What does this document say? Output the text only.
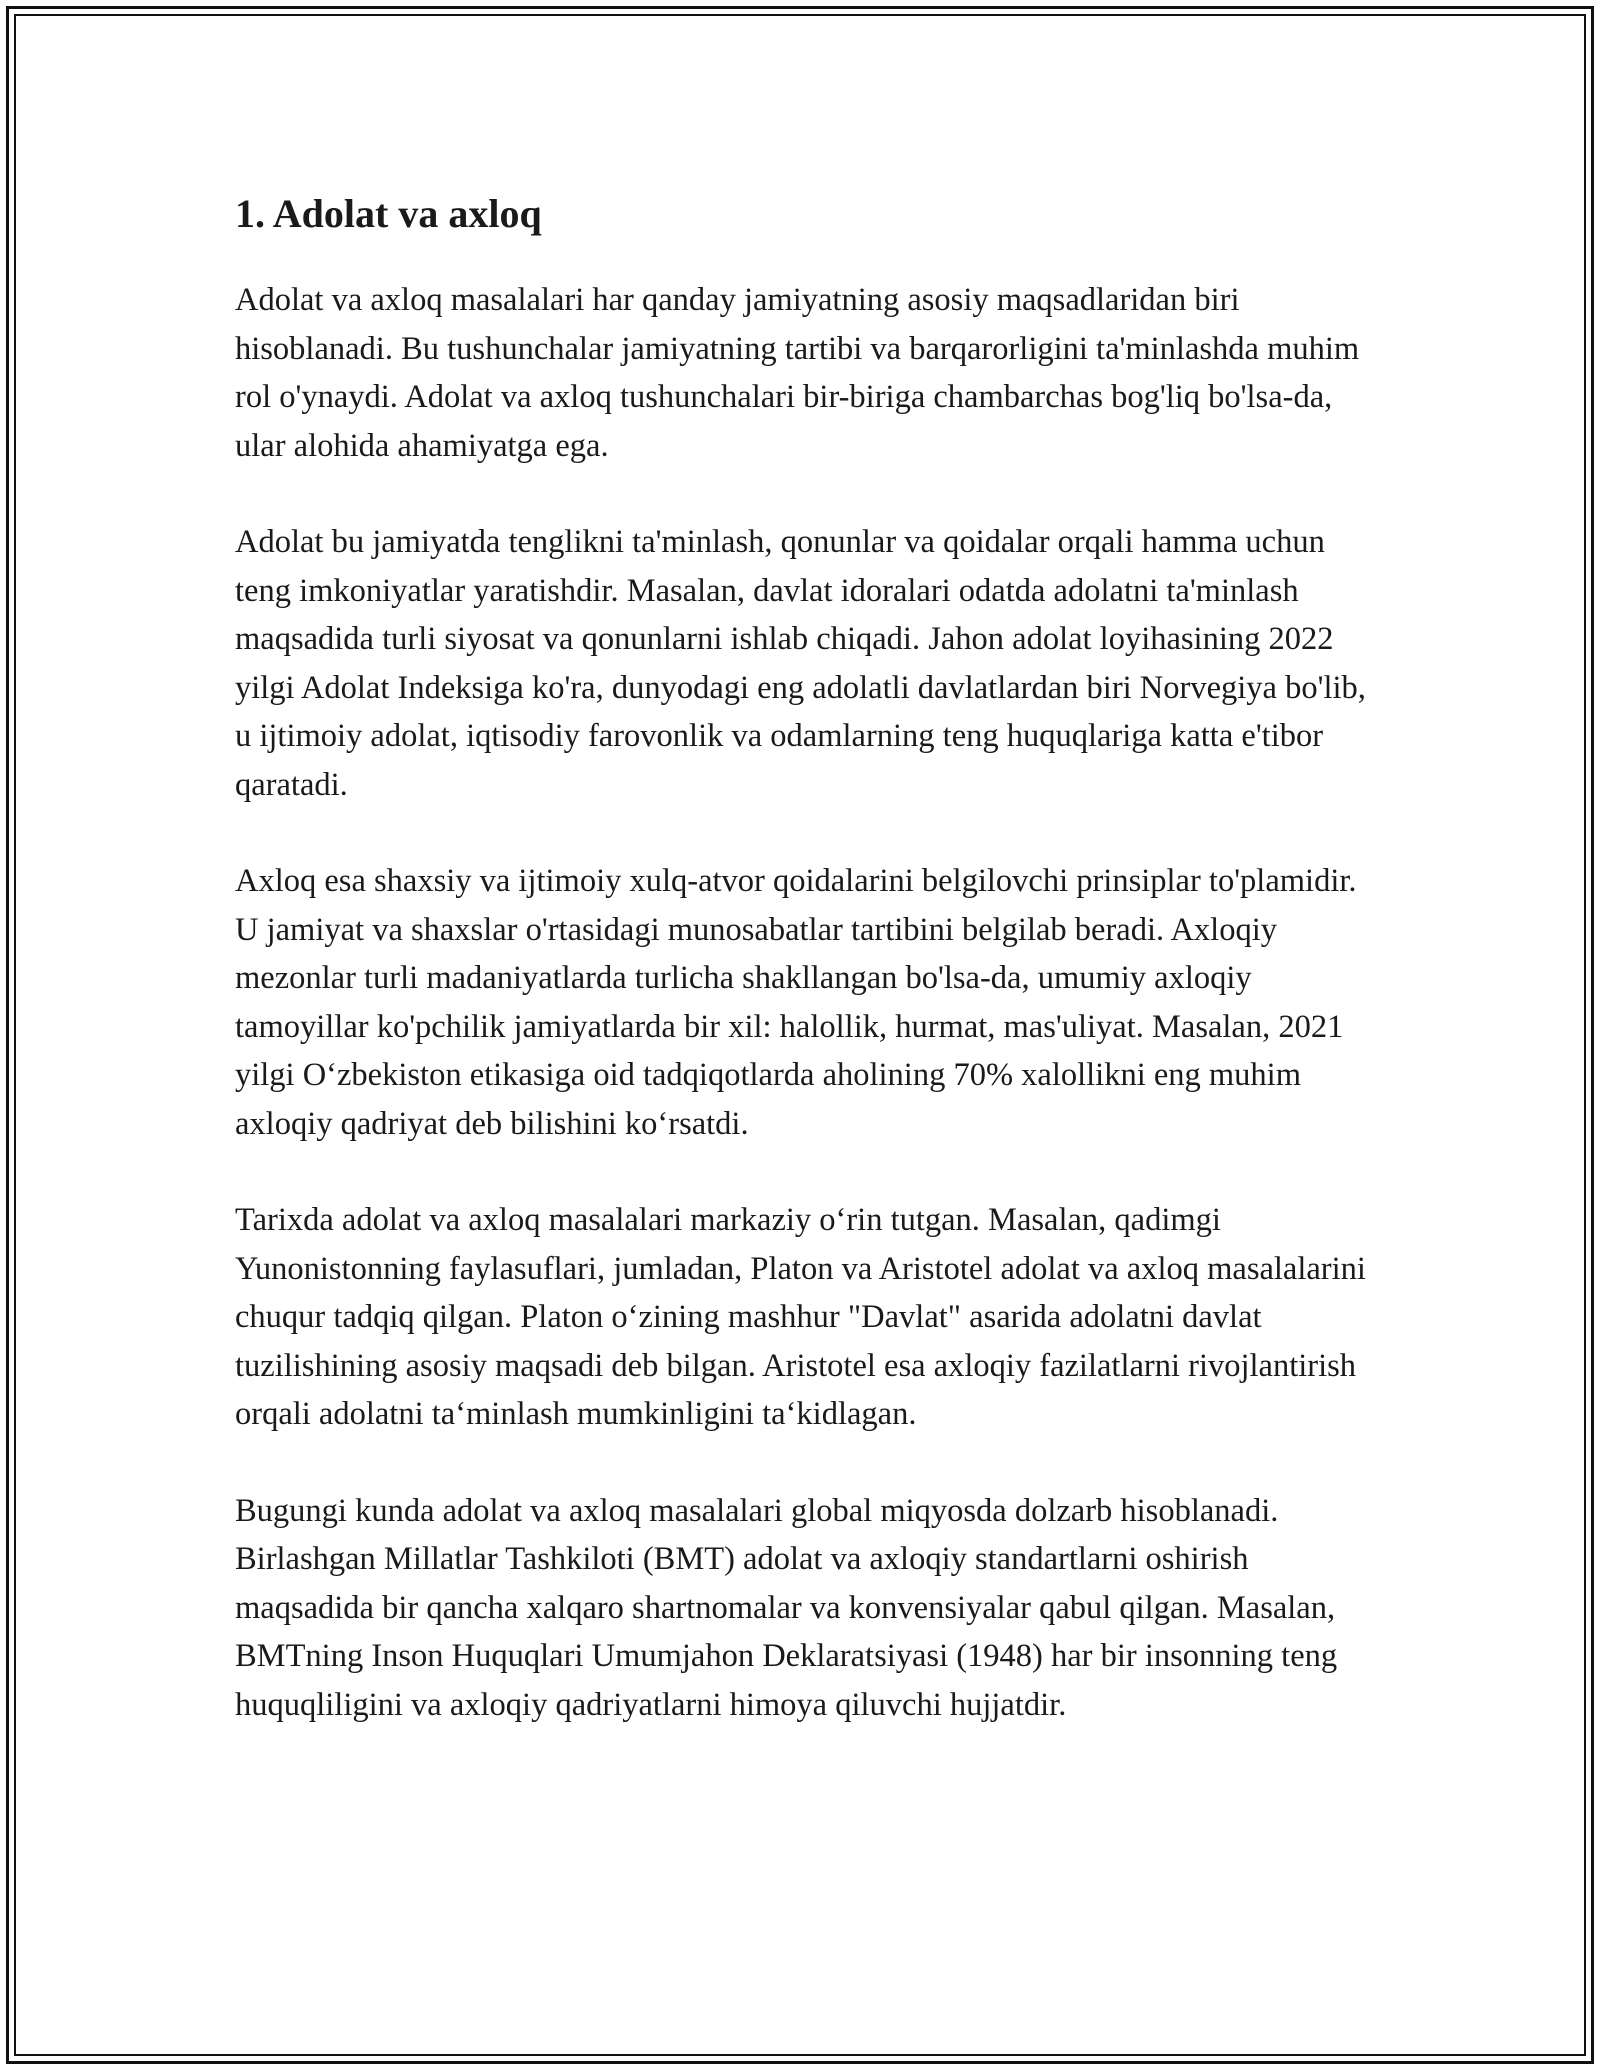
1. Adolat va axloq

Adolat va axloq masalalari har qanday jamiyatning asosiy maqsadlaridan biri hisoblanadi. Bu tushunchalar jamiyatning tartibi va barqarorligini ta'minlashda muhim rol o'ynaydi. Adolat va axloq tushunchalari bir-biriga chambarchas bog'liq bo'lsa-da, ular alohida ahamiyatga ega.

Adolat bu jamiyatda tenglikni ta'minlash, qonunlar va qoidalar orqali hamma uchun teng imkoniyatlar yaratishdir. Masalan, davlat idoralari odatda adolatni ta'minlash maqsadida turli siyosat va qonunlarni ishlab chiqadi. Jahon adolat loyihasining 2022 yilgi Adolat Indeksiga ko'ra, dunyodagi eng adolatli davlatlardan biri Norvegiya bo'lib, u ijtimoiy adolat, iqtisodiy farovonlik va odamlarning teng huquqlariga katta e'tibor qaratadi.

Axloq esa shaxsiy va ijtimoiy xulq-atvor qoidalarini belgilovchi prinsiplar to'plamidir. U jamiyat va shaxslar o'rtasidagi munosabatlar tartibini belgilab beradi. Axloqiy mezonlar turli madaniyatlarda turlicha shakllangan bo'lsa-da, umumiy axloqiy tamoyillar ko'pchilik jamiyatlarda bir xil: halollik, hurmat, mas'uliyat. Masalan, 2021 yilgi O‘zbekiston etikasiga oid tadqiqotlarda aholining 70% xalollikni eng muhim axloqiy qadriyat deb bilishini ko‘rsatdi.

Tarixda adolat va axloq masalalari markaziy o‘rin tutgan. Masalan, qadimgi Yunonistonning faylasuflari, jumladan, Platon va Aristotel adolat va axloq masalalarini chuqur tadqiq qilgan. Platon o‘zining mashhur "Davlat" asarida adolatni davlat tuzilishining asosiy maqsadi deb bilgan. Aristotel esa axloqiy fazilatlarni rivojlantirish orqali adolatni ta‘minlash mumkinligini ta‘kidlagan.

Bugungi kunda adolat va axloq masalalari global miqyosda dolzarb hisoblanadi. Birlashgan Millatlar Tashkiloti (BMT) adolat va axloqiy standartlarni oshirish maqsadida bir qancha xalqaro shartnomalar va konvensiyalar qabul qilgan. Masalan, BMTning Inson Huquqlari Umumjahon Deklaratsiyasi (1948) har bir insonning teng huquqliligini va axloqiy qadriyatlarni himoya qiluvchi hujjatdir.
